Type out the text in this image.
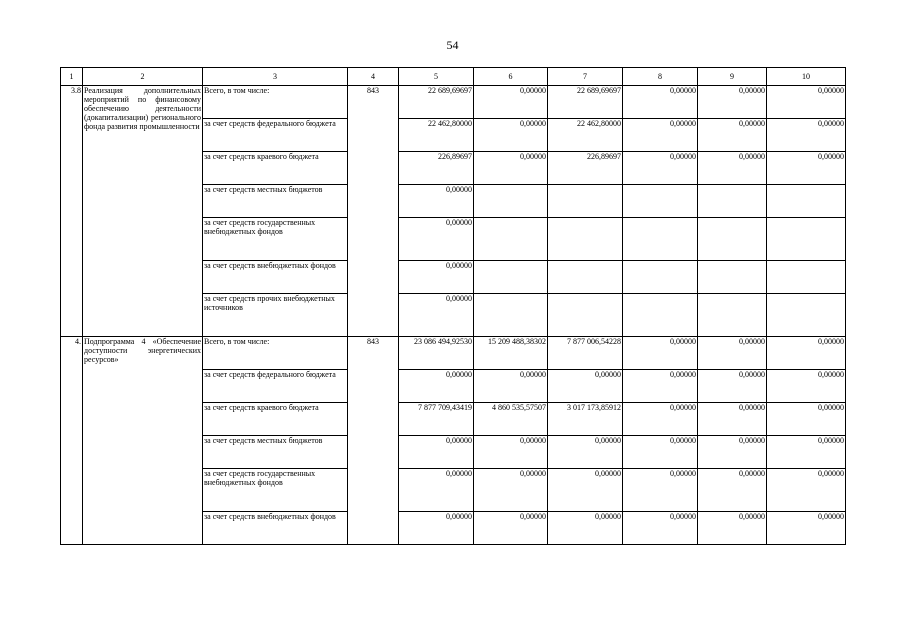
54
1	2	3	4	5	6	7	8	9	10
3.8	Реализация дополнительных мероприятий по финансовому обеспечению деятельности (докапитализации) регионального фонда развития промышленности	Всего, в том числе:	843	22 689,69697	0,00000	22 689,69697	0,00000	0,00000	0,00000
		за счет средств федерального бюджета		22 462,80000	0,00000	22 462,80000	0,00000	0,00000	0,00000
		за счет средств краевого бюджета		226,89697	0,00000	226,89697	0,00000	0,00000	0,00000
		за счет средств местных бюджетов		0,00000					
		за счет средств государственных внебюджетных фондов		0,00000					
		за счет средств внебюджетных фондов		0,00000					
		за счет средств прочих внебюджетных источников		0,00000					
4.	Подпрограмма 4 «Обеспечение доступности энергетических ресурсов»	Всего, в том числе:	843	23 086 494,92530	15 209 488,38302	7 877 006,54228	0,00000	0,00000	0,00000
		за счет средств федерального бюджета		0,00000	0,00000	0,00000	0,00000	0,00000	0,00000
		за счет средств краевого бюджета		7 877 709,43419	4 860 535,57507	3 017 173,85912	0,00000	0,00000	0,00000
		за счет средств местных бюджетов		0,00000	0,00000	0,00000	0,00000	0,00000	0,00000
		за счет средств государственных внебюджетных фондов		0,00000	0,00000	0,00000	0,00000	0,00000	0,00000
		за счет средств внебюджетных фондов		0,00000	0,00000	0,00000	0,00000	0,00000	0,00000
